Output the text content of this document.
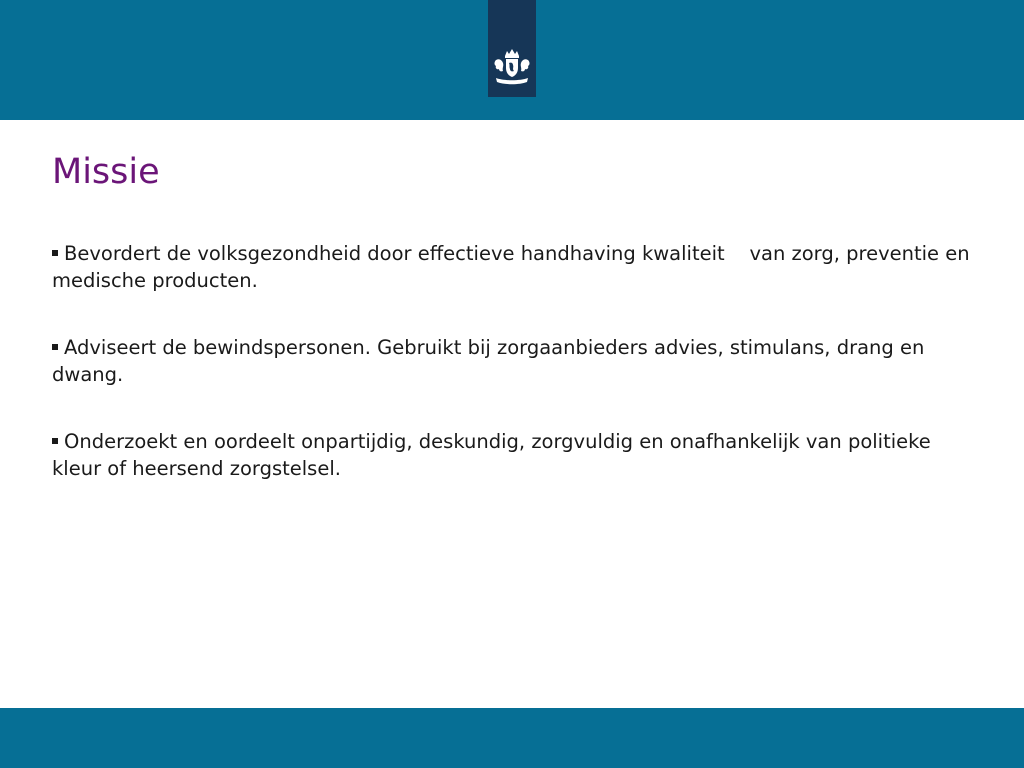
Missie
Bevordert de volksgezondheid door effectieve handhaving kwaliteit    van zorg, preventie en medische producten.
Adviseert de bewindspersonen. Gebruikt bij zorgaanbieders advies, stimulans, drang en dwang.
Onderzoekt en oordeelt onpartijdig, deskundig, zorgvuldig en onafhankelijk van politieke kleur of heersend zorgstelsel.
